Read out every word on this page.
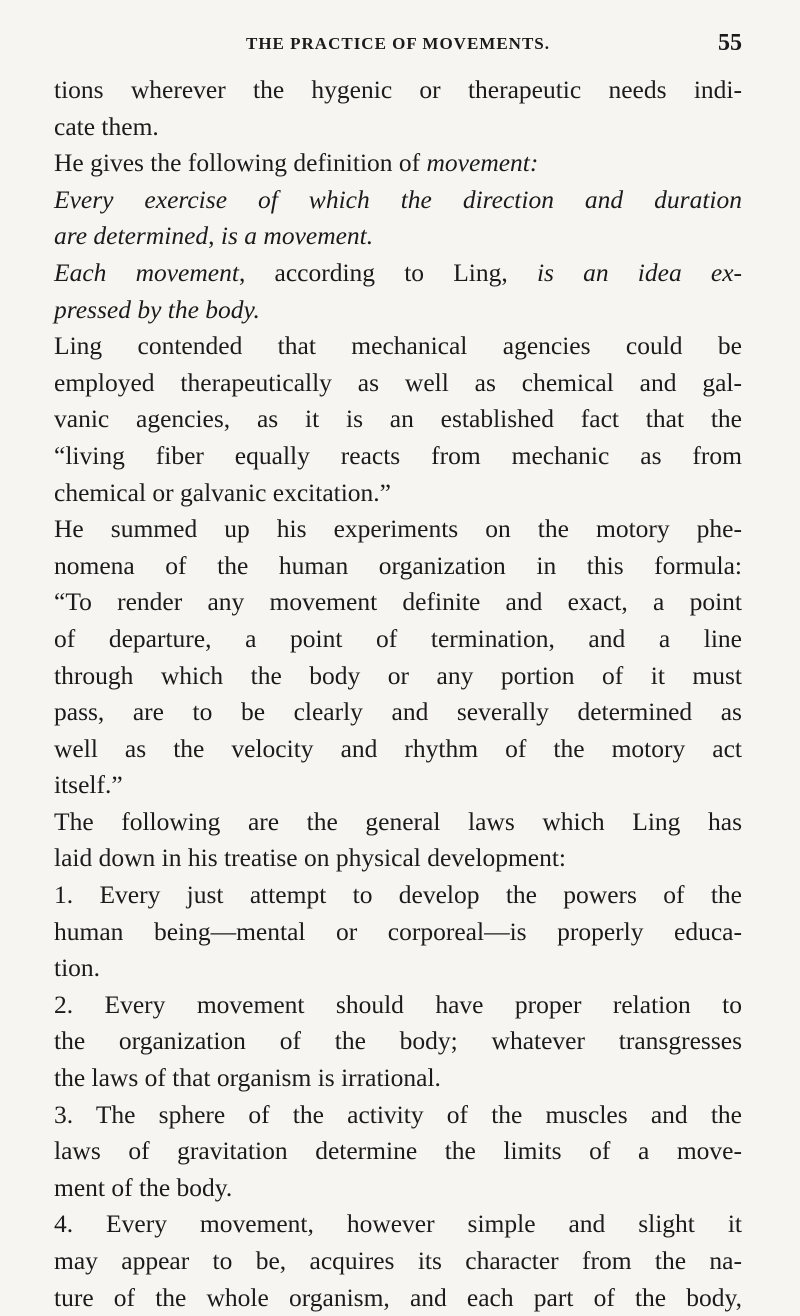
THE PRACTICE OF MOVEMENTS.	55
tions wherever the hygenic or therapeutic needs indi-
cate them.
He gives the following definition of movement:
Every exercise of which the direction and duration
are determined, is a movement.
Each movement, according to Ling, is an idea ex-
pressed by the body.
Ling contended that mechanical agencies could be
employed therapeutically as well as chemical and gal-
vanic agencies, as it is an established fact that the
“living fiber equally reacts from mechanic as from
chemical or galvanic excitation.”
He summed up his experiments on the motory phe-
nomena of the human organization in this formula:
“To render any movement definite and exact, a point
of departure, a point of termination, and a line
through which the body or any portion of it must
pass, are to be clearly and severally determined as
well as the velocity and rhythm of the motory act
itself.”
The following are the general laws which Ling has
laid down in his treatise on physical development:
1. Every just attempt to develop the powers of the
human being—mental or corporeal—is properly educa-
tion.
2. Every movement should have proper relation to
the organization of the body; whatever transgresses
the laws of that organism is irrational.
3. The sphere of the activity of the muscles and the
laws of gravitation determine the limits of a move-
ment of the body.
4. Every movement, however simple and slight it
may appear to be, acquires its character from the na-
ture of the whole organism, and each part of the body,
